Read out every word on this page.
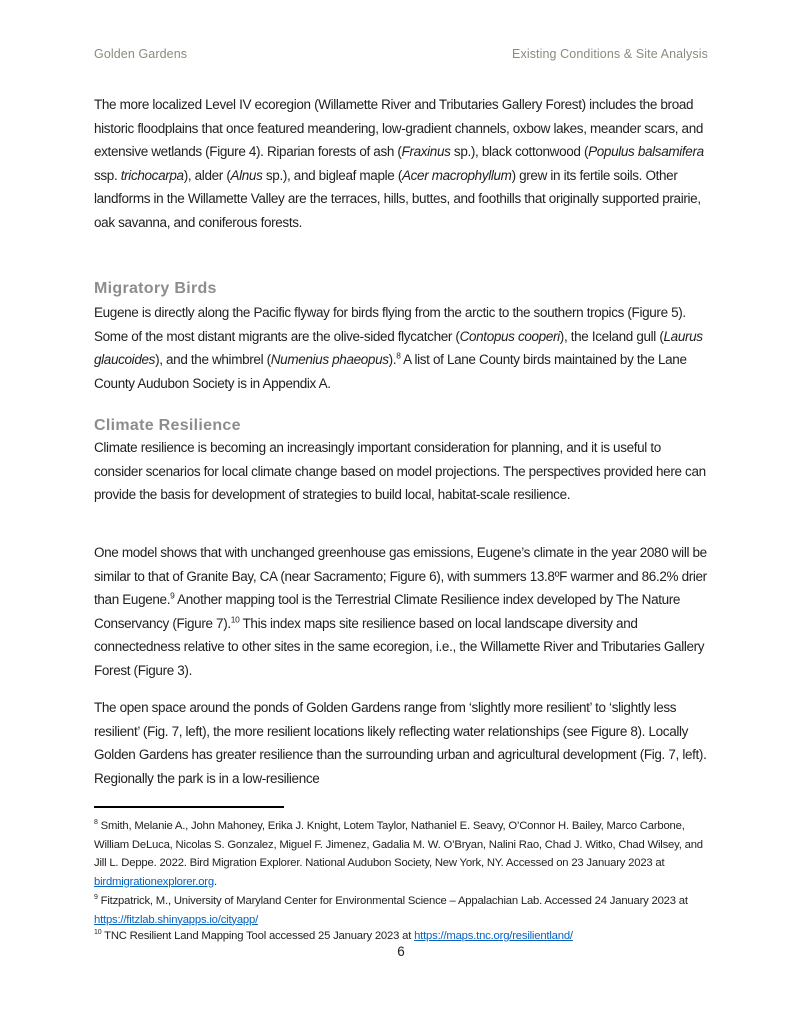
Golden Gardens	Existing Conditions & Site Analysis

The more localized Level IV ecoregion (Willamette River and Tributaries Gallery Forest) includes the broad historic floodplains that once featured meandering, low-gradient channels, oxbow lakes, meander scars, and extensive wetlands (Figure 4). Riparian forests of ash (Fraxinus sp.), black cottonwood (Populus balsamifera ssp. trichocarpa), alder (Alnus sp.), and bigleaf maple (Acer macrophyllum) grew in its fertile soils. Other landforms in the Willamette Valley are the terraces, hills, buttes, and foothills that originally supported prairie, oak savanna, and coniferous forests.

Migratory Birds

Eugene is directly along the Pacific flyway for birds flying from the arctic to the southern tropics (Figure 5). Some of the most distant migrants are the olive-sided flycatcher (Contopus cooperi), the Iceland gull (Laurus glaucoides), and the whimbrel (Numenius phaeopus).$^8$ A list of Lane County birds maintained by the Lane County Audubon Society is in Appendix A.

Climate Resilience

Climate resilience is becoming an increasingly important consideration for planning, and it is useful to consider scenarios for local climate change based on model projections. The perspectives provided here can provide the basis for development of strategies to build local, habitat-scale resilience.

One model shows that with unchanged greenhouse gas emissions, Eugene’s climate in the year 2080 will be similar to that of Granite Bay, CA (near Sacramento; Figure 6), with summers 13.8ºF warmer and 86.2% drier than Eugene.$^9$ Another mapping tool is the Terrestrial Climate Resilience index developed by The Nature Conservancy (Figure 7).$^{10}$ This index maps site resilience based on local landscape diversity and connectedness relative to other sites in the same ecoregion, i.e., the Willamette River and Tributaries Gallery Forest (Figure 3).

The open space around the ponds of Golden Gardens range from ‘slightly more resilient’ to ‘slightly less resilient’ (Fig. 7, left), the more resilient locations likely reflecting water relationships (see Figure 8). Locally Golden Gardens has greater resilience than the surrounding urban and agricultural development (Fig. 7, left). Regionally the park is in a low-resilience

$^8$ Smith, Melanie A., John Mahoney, Erika J. Knight, Lotem Taylor, Nathaniel E. Seavy, O’Connor H. Bailey, Marco Carbone, William DeLuca, Nicolas S. Gonzalez, Miguel F. Jimenez, Gadalia M. W. O’Bryan, Nalini Rao, Chad J. Witko, Chad Wilsey, and Jill L. Deppe. 2022. Bird Migration Explorer. National Audubon Society, New York, NY. Accessed on 23 January 2023 at birdmigrationexplorer.org.

$^9$ Fitzpatrick, M., University of Maryland Center for Environmental Science – Appalachian Lab. Accessed 24 January 2023 at https://fitzlab.shinyapps.io/cityapp/

$^{10}$ TNC Resilient Land Mapping Tool accessed 25 January 2023 at https://maps.tnc.org/resilientland/

6
